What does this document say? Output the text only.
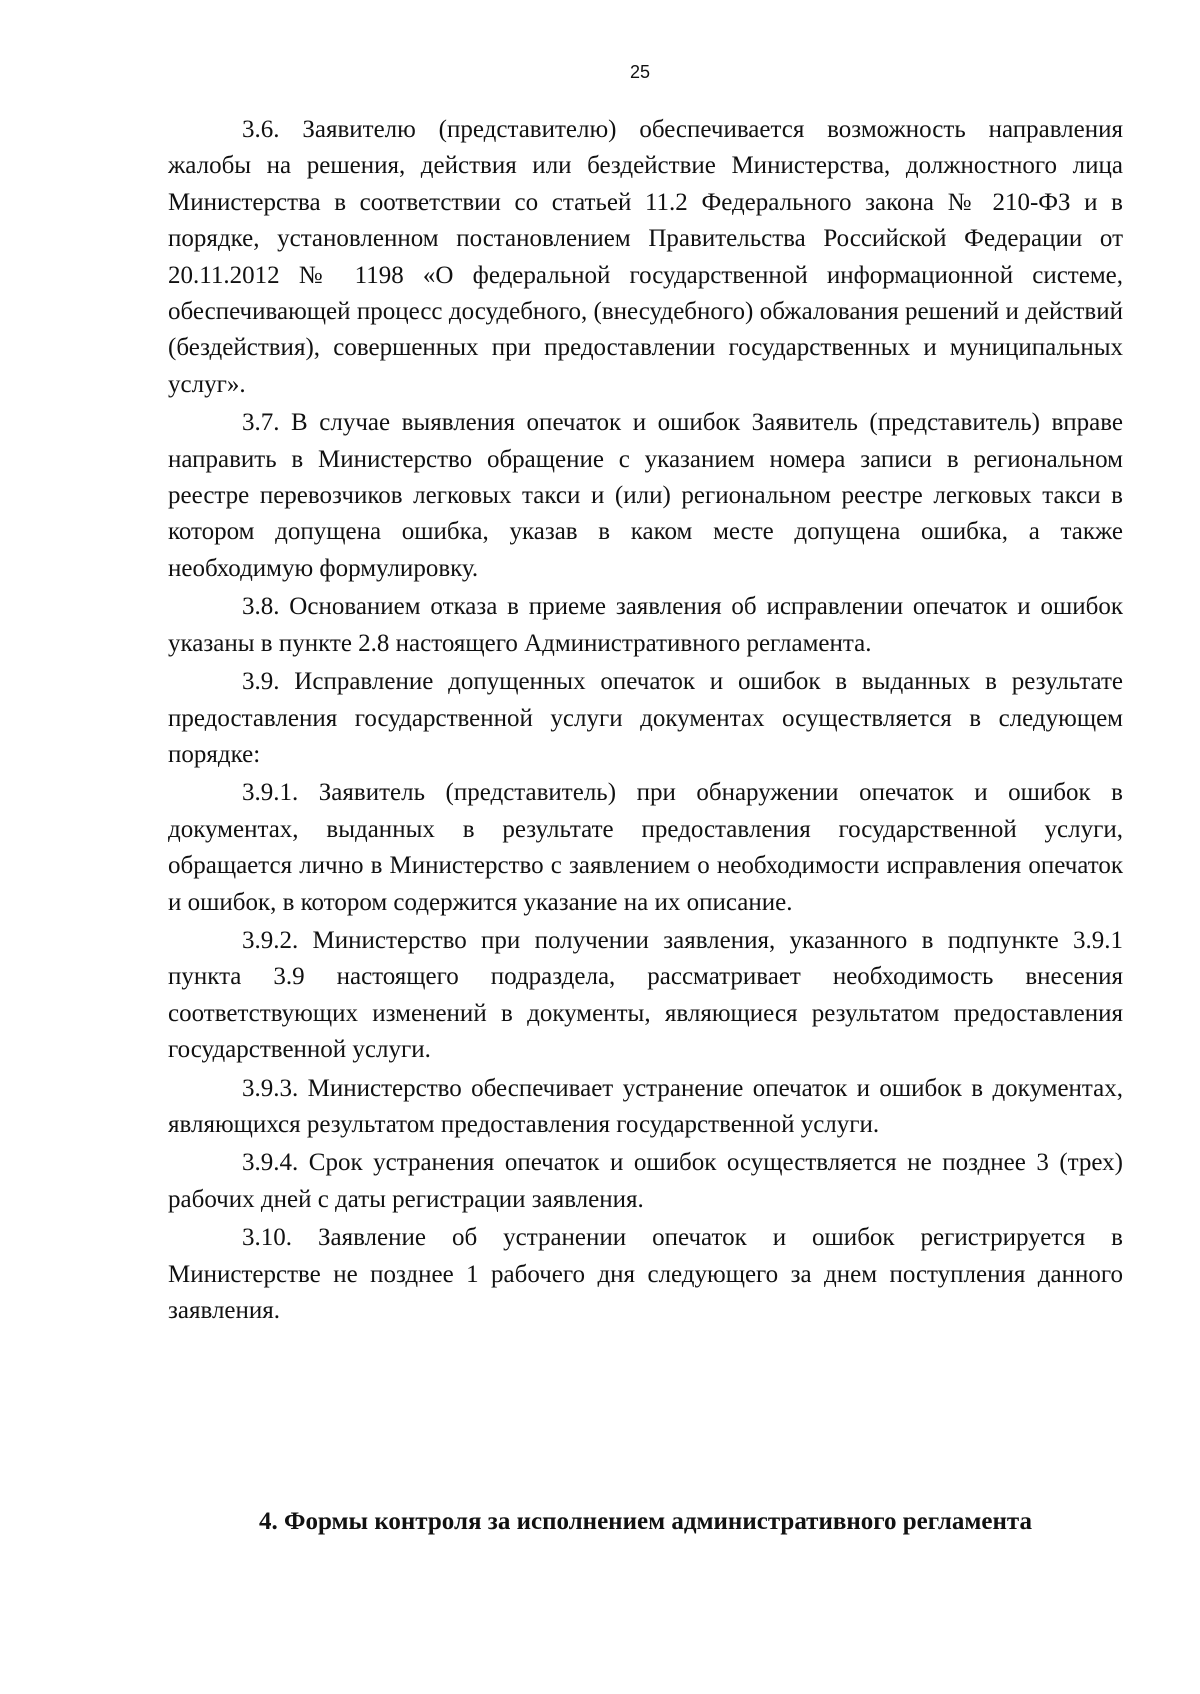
25

3.6. Заявителю (представителю) обеспечивается возможность направления жалобы на решения, действия или бездействие Министерства, должностного лица Министерства в соответствии со статьей 11.2 Федерального закона № 210-ФЗ и в порядке, установленном постановлением Правительства Российской Федерации от 20.11.2012 № 1198 «О федеральной государственной информационной системе, обеспечивающей процесс досудебного, (внесудебного) обжалования решений и действий (бездействия), совершенных при предоставлении государственных и муниципальных услуг».

3.7. В случае выявления опечаток и ошибок Заявитель (представитель) вправе направить в Министерство обращение с указанием номера записи в региональном реестре перевозчиков легковых такси и (или) региональном реестре легковых такси в котором допущена ошибка, указав в каком месте допущена ошибка, а также необходимую формулировку.

3.8. Основанием отказа в приеме заявления об исправлении опечаток и ошибок указаны в пункте 2.8 настоящего Административного регламента.

3.9. Исправление допущенных опечаток и ошибок в выданных в результате предоставления государственной услуги документах осуществляется в следующем порядке:

3.9.1. Заявитель (представитель) при обнаружении опечаток и ошибок в документах, выданных в результате предоставления государственной услуги, обращается лично в Министерство с заявлением о необходимости исправления опечаток и ошибок, в котором содержится указание на их описание.

3.9.2. Министерство при получении заявления, указанного в подпункте 3.9.1 пункта 3.9 настоящего подраздела, рассматривает необходимость внесения соответствующих изменений в документы, являющиеся результатом предоставления государственной услуги.

3.9.3. Министерство обеспечивает устранение опечаток и ошибок в документах, являющихся результатом предоставления государственной услуги.

3.9.4. Срок устранения опечаток и ошибок осуществляется не позднее 3 (трех) рабочих дней с даты регистрации заявления.

3.10. Заявление об устранении опечаток и ошибок регистрируется в Министерстве не позднее 1 рабочего дня следующего за днем поступления данного заявления.

4. Формы контроля за исполнением административного регламента
